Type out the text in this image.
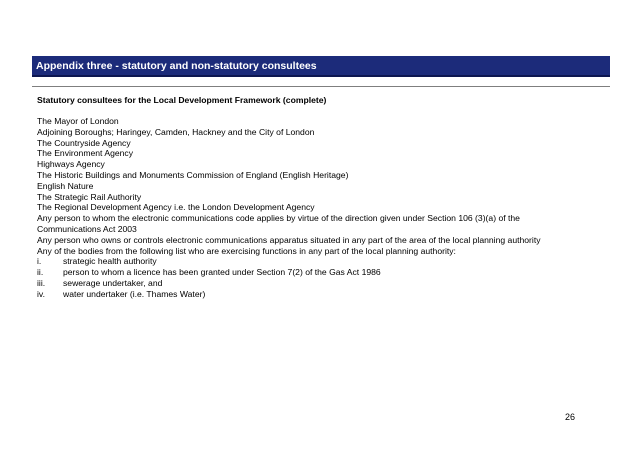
Appendix three - statutory and non-statutory consultees
Statutory consultees for the Local Development Framework (complete)
The Mayor of London
Adjoining Boroughs; Haringey, Camden, Hackney and the City of London
The Countryside Agency
The Environment Agency
Highways Agency
The Historic Buildings and Monuments Commission of England (English Heritage)
English Nature
The Strategic Rail Authority
The Regional Development Agency i.e. the London Development Agency
Any person to whom the electronic communications code applies by virtue of the direction given under Section 106 (3)(a) of the
Communications Act 2003
Any person who owns or controls electronic communications apparatus situated in any part of the area of the local planning authority
Any of the bodies from the following list who are exercising functions in any part of the local planning authority:
i.	strategic health authority
ii. person to whom a licence has been granted under Section 7(2) of the Gas Act 1986
iii. sewerage undertaker, and
iv. water undertaker (i.e. Thames Water)
26
